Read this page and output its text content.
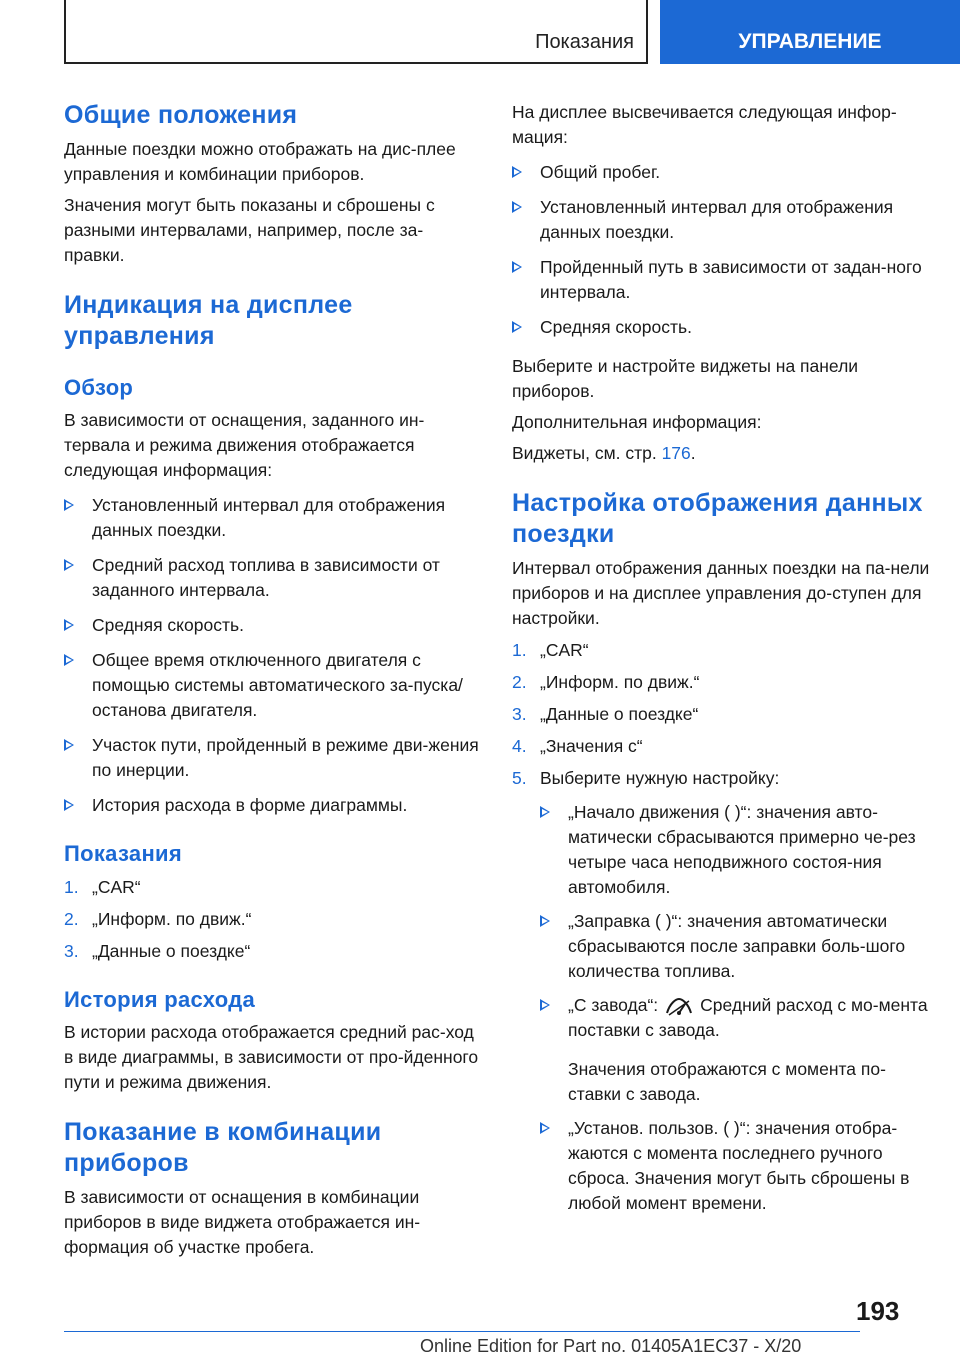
Показания	УПРАВЛЕНИЕ
Общие положения

Данные поездки можно отображать на дис‐плее управления и комбинации приборов.

Значения могут быть показаны и сброшены с разными интервалами, например, после за‐правки.

Индикация на дисплее управления
Обзор

В зависимости от оснащения, заданного ин‐тервала и режима движения отображается следующая информация:

Установленный интервал для отображения данных поездки.
Средний расход топлива в зависимости от заданного интервала.
Средняя скорость.
Общее время отключенного двигателя с помощью системы автоматического за‐пуска/останова двигателя.
Участок пути, пройденный в режиме дви‐жения по инерции.
История расхода в форме диаграммы.
Показания
1. „CAR“
2. „Информ. по движ.“
3. „Данные о поездке“
История расхода

В истории расхода отображается средний рас‐ход в виде диаграммы, в зависимости от про‐йденного пути и режима движения.

Показание в комбинации приборов

В зависимости от оснащения в комбинации приборов в виде виджета отображается ин‐формация об участке пробега.

На дисплее высвечивается следующая инфор‐мация:

Общий пробег.
Установленный интервал для отображения данных поездки.
Пройденный путь в зависимости от задан‐ного интервала.
Средняя скорость.

Выберите и настройте виджеты на панели приборов.

Дополнительная информация:

Виджеты, см. стр. 176.

Настройка отображения данных поездки

Интервал отображения данных поездки на па‐нели приборов и на дисплее управления до‐ступен для настройки.

1. „CAR“
2. „Информ. по движ.“
3. „Данные о поездке“
4. „Значения с“
5. Выберите нужную настройку:
„Начало движения ( )“: значения авто‐матически сбрасываются примерно че‐рез четыре часа неподвижного состоя‐ния автомобиля.
„Заправка ( )“: значения автоматически сбрасываются после заправки боль‐шого количества топлива.
„С завода“: Средний расход с мо‐мента поставки с завода.

Значения отображаются с момента по‐ставки с завода.

„Установ. пользов. ( )“: значения отобра‐жаются с момента последнего ручного сброса. Значения могут быть сброшены в любой момент времени.
193
Online Edition for Part no. 01405A1EC37 - X/20
